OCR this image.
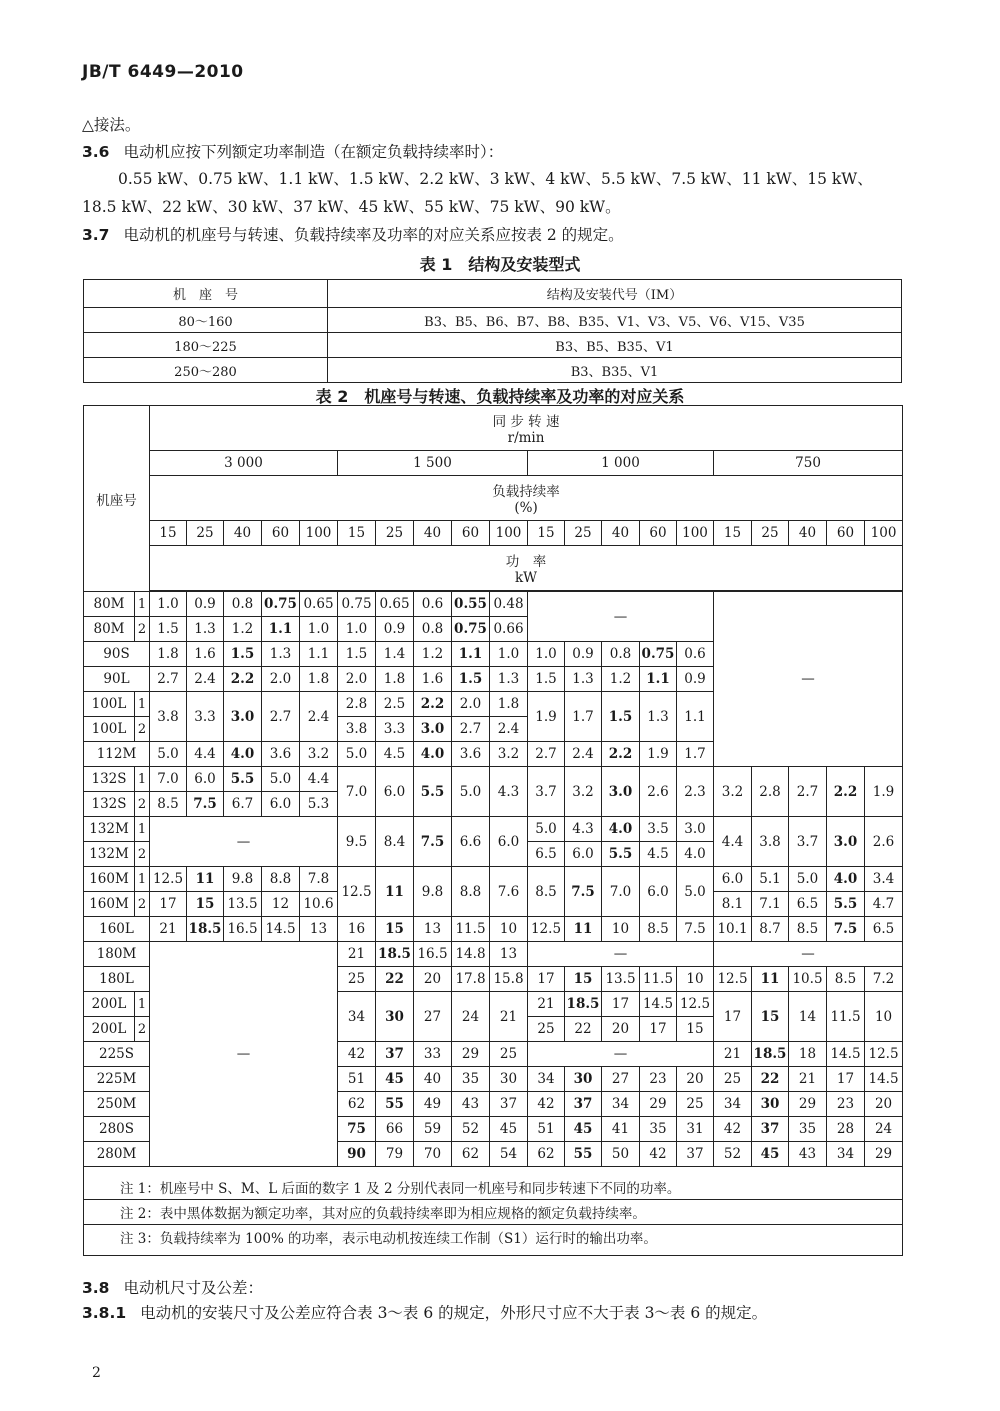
JB/T 6449—2010
△接法。
3.6 电动机应按下列额定功率制造（在额定负载持续率时）：
0.55 kW、0.75 kW、1.1 kW、1.5 kW、2.2 kW、3 kW、4 kW、5.5 kW、7.5 kW、11 kW、15 kW、
18.5 kW、22 kW、30 kW、37 kW、45 kW、55 kW、75 kW、90 kW。
3.7 电动机的机座号与转速、负载持续率及功率的对应关系应按表 2 的规定。
表 1　结构及安装型式
机　座　号	结构及安装代号（IM）
80～160	B3、B5、B6、B7、B8、B35、V1、V3、V5、V6、V15、V35
180～225	B3、B5、B35、V1
250～280	B3、B35、V1
表 2　机座号与转速、负载持续率及功率的对应关系
机座号		同 步 转 速
r/min																			

		3 000					1 500					1 000					750				

		负载持续率
(%)																			

		15	25	40	60	100	15	25	40	60	100	15	25	40	60	100	15	25	40	60	100

		功　率
kW																			

80M	1	1.0	0.9	0.8	0.75	0.65	0.75	0.65	0.6	0.55	0.48	—					—				
80M	2	1.5	1.3	1.2	1.1	1.0	1.0	0.9	0.8	0.75	0.66										
90S		1.8	1.6	1.5	1.3	1.1	1.5	1.4	1.2	1.1	1.0	1.0	0.9	0.8	0.75	0.6					
90L		2.7	2.4	2.2	2.0	1.8	2.0	1.8	1.6	1.5	1.3	1.5	1.3	1.2	1.1	0.9					
100L	1	3.8	3.3	3.0	2.7	2.4	2.8	2.5	2.2	2.0	1.8	1.9	1.7	1.5	1.3	1.1					
100L	2						3.8	3.3	3.0	2.7	2.4										
112M		5.0	4.4	4.0	3.6	3.2	5.0	4.5	4.0	3.6	3.2	2.7	2.4	2.2	1.9	1.7					
132S	1	7.0	6.0	5.5	5.0	4.4	7.0	6.0	5.5	5.0	4.3	3.7	3.2	3.0	2.6	2.3	3.2	2.8	2.7	2.2	1.9
132S	2	8.5	7.5	6.7	6.0	5.3															
132M	1	—					9.5	8.4	7.5	6.6	6.0	5.0	4.3	4.0	3.5	3.0	4.4	3.8	3.7	3.0	2.6
132M	2											6.5	6.0	5.5	4.5	4.0					
160M	1	12.5	11	9.8	8.8	7.8	12.5	11	9.8	8.8	7.6	8.5	7.5	7.0	6.0	5.0	6.0	5.1	5.0	4.0	3.4
160M	2	17	15	13.5	12	10.6											8.1	7.1	6.5	5.5	4.7
160L		21	18.5	16.5	14.5	13	16	15	13	11.5	10	12.5	11	10	8.5	7.5	10.1	8.7	8.5	7.5	6.5
180M		—					21	18.5	16.5	14.8	13	—					—				
180L							25	22	20	17.8	15.8	17	15	13.5	11.5	10	12.5	11	10.5	8.5	7.2
200L	1						34	30	27	24	21	21	18.5	17	14.5	12.5	17	15	14	11.5	10
200L	2											25	22	20	17	15					
225S							42	37	33	29	25	—					21	18.5	18	14.5	12.5
225M							51	45	40	35	30	34	30	27	23	20	25	22	21	17	14.5
250M							62	55	49	43	37	42	37	34	29	25	34	30	29	23	20
280S							75	66	59	52	45	51	45	41	35	31	42	37	35	28	24
280M							90	79	70	62	54	62	55	50	42	37	52	45	43	34	29
注 1：机座号中 S、M、L 后面的数字 1 及 2 分别代表同一机座号和同步转速下不同的功率。																					
注 2：表中黑体数据为额定功率，其对应的负载持续率即为相应规格的额定负载持续率。																					
注 3：负载持续率为 100% 的功率，表示电动机按连续工作制（S1）运行时的输出功率。																					
3.8 电动机尺寸及公差：
3.8.1 电动机的安装尺寸及公差应符合表 3～表 6 的规定，外形尺寸应不大于表 3～表 6 的规定。
2
